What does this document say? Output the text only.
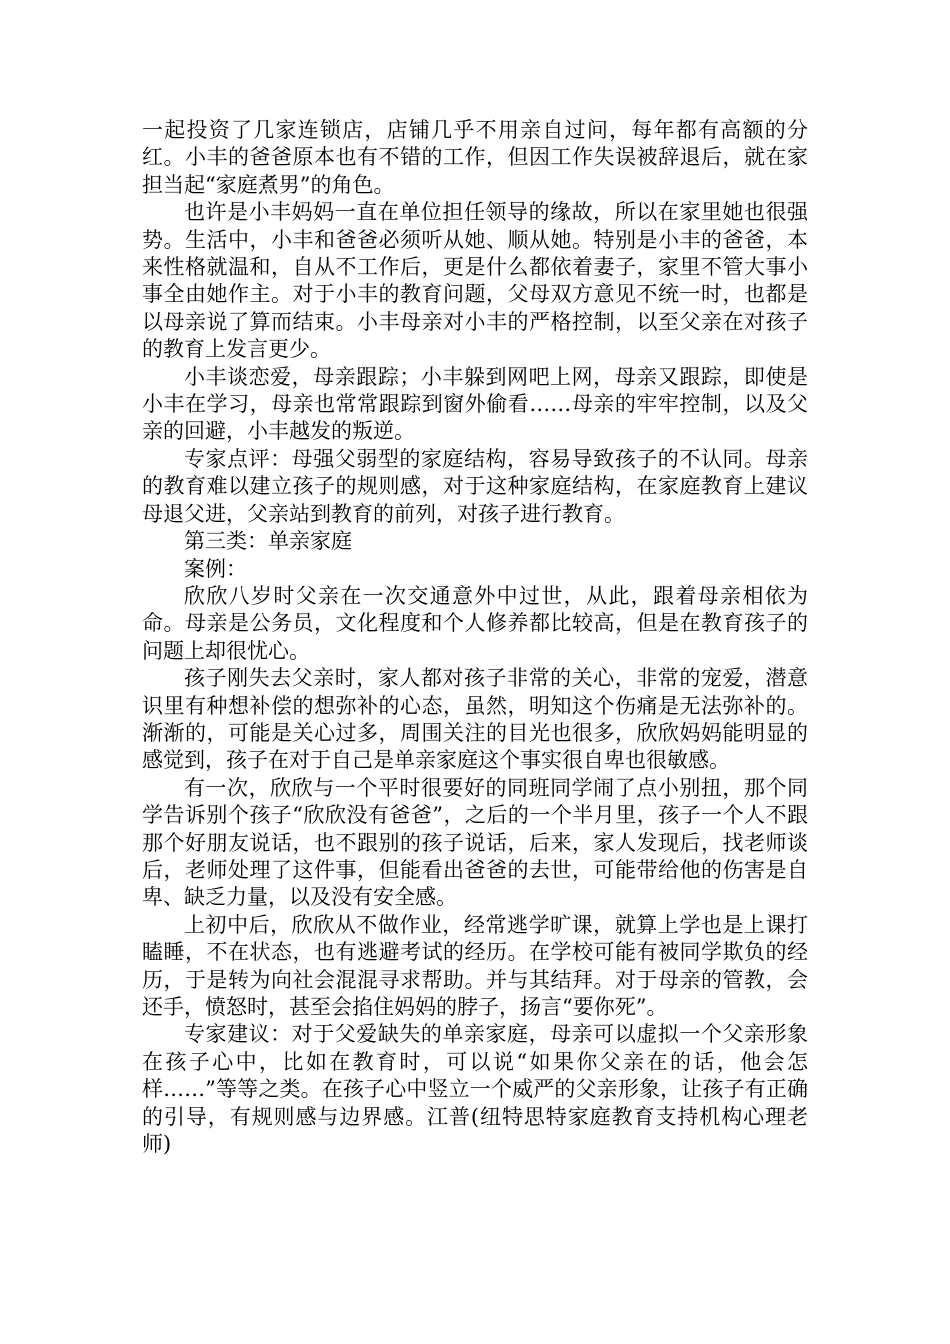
一起投资了几家连锁店，店铺几乎不用亲自过问，每年都有高额的分红。小丰的爸爸原本也有不错的工作，但因工作失误被辞退后，就在家担当起“家庭煮男”的角色。

也许是小丰妈妈一直在单位担任领导的缘故，所以在家里她也很强势。生活中，小丰和爸爸必须听从她、顺从她。特别是小丰的爸爸，本来性格就温和，自从不工作后，更是什么都依着妻子，家里不管大事小事全由她作主。对于小丰的教育问题，父母双方意见不统一时，也都是以母亲说了算而结束。小丰母亲对小丰的严格控制，以至父亲在对孩子的教育上发言更少。

小丰谈恋爱，母亲跟踪；小丰躲到网吧上网，母亲又跟踪，即使是小丰在学习，母亲也常常跟踪到窗外偷看……母亲的牢牢控制，以及父亲的回避，小丰越发的叛逆。

专家点评：母强父弱型的家庭结构，容易导致孩子的不认同。母亲的教育难以建立孩子的规则感，对于这种家庭结构，在家庭教育上建议母退父进，父亲站到教育的前列，对孩子进行教育。

第三类：单亲家庭

案例：

欣欣八岁时父亲在一次交通意外中过世，从此，跟着母亲相依为命。母亲是公务员，文化程度和个人修养都比较高，但是在教育孩子的问题上却很忧心。

孩子刚失去父亲时，家人都对孩子非常的关心，非常的宠爱，潜意识里有种想补偿的想弥补的心态，虽然，明知这个伤痛是无法弥补的。渐渐的，可能是关心过多，周围关注的目光也很多，欣欣妈妈能明显的感觉到，孩子在对于自己是单亲家庭这个事实很自卑也很敏感。

有一次，欣欣与一个平时很要好的同班同学闹了点小别扭，那个同学告诉别个孩子“欣欣没有爸爸”，之后的一个半月里，孩子一个人不跟那个好朋友说话，也不跟别的孩子说话，后来，家人发现后，找老师谈后，老师处理了这件事，但能看出爸爸的去世，可能带给他的伤害是自卑、缺乏力量，以及没有安全感。

上初中后，欣欣从不做作业，经常逃学旷课，就算上学也是上课打瞌睡，不在状态，也有逃避考试的经历。在学校可能有被同学欺负的经历，于是转为向社会混混寻求帮助。并与其结拜。对于母亲的管教，会还手，愤怒时，甚至会掐住妈妈的脖子，扬言“要你死”。

专家建议：对于父爱缺失的单亲家庭，母亲可以虚拟一个父亲形象在孩子心中，比如在教育时，可以说“如果你父亲在的话，他会怎样……”等等之类。在孩子心中竖立一个威严的父亲形象，让孩子有正确的引导，有规则感与边界感。江普(纽特思特家庭教育支持机构心理老师)
